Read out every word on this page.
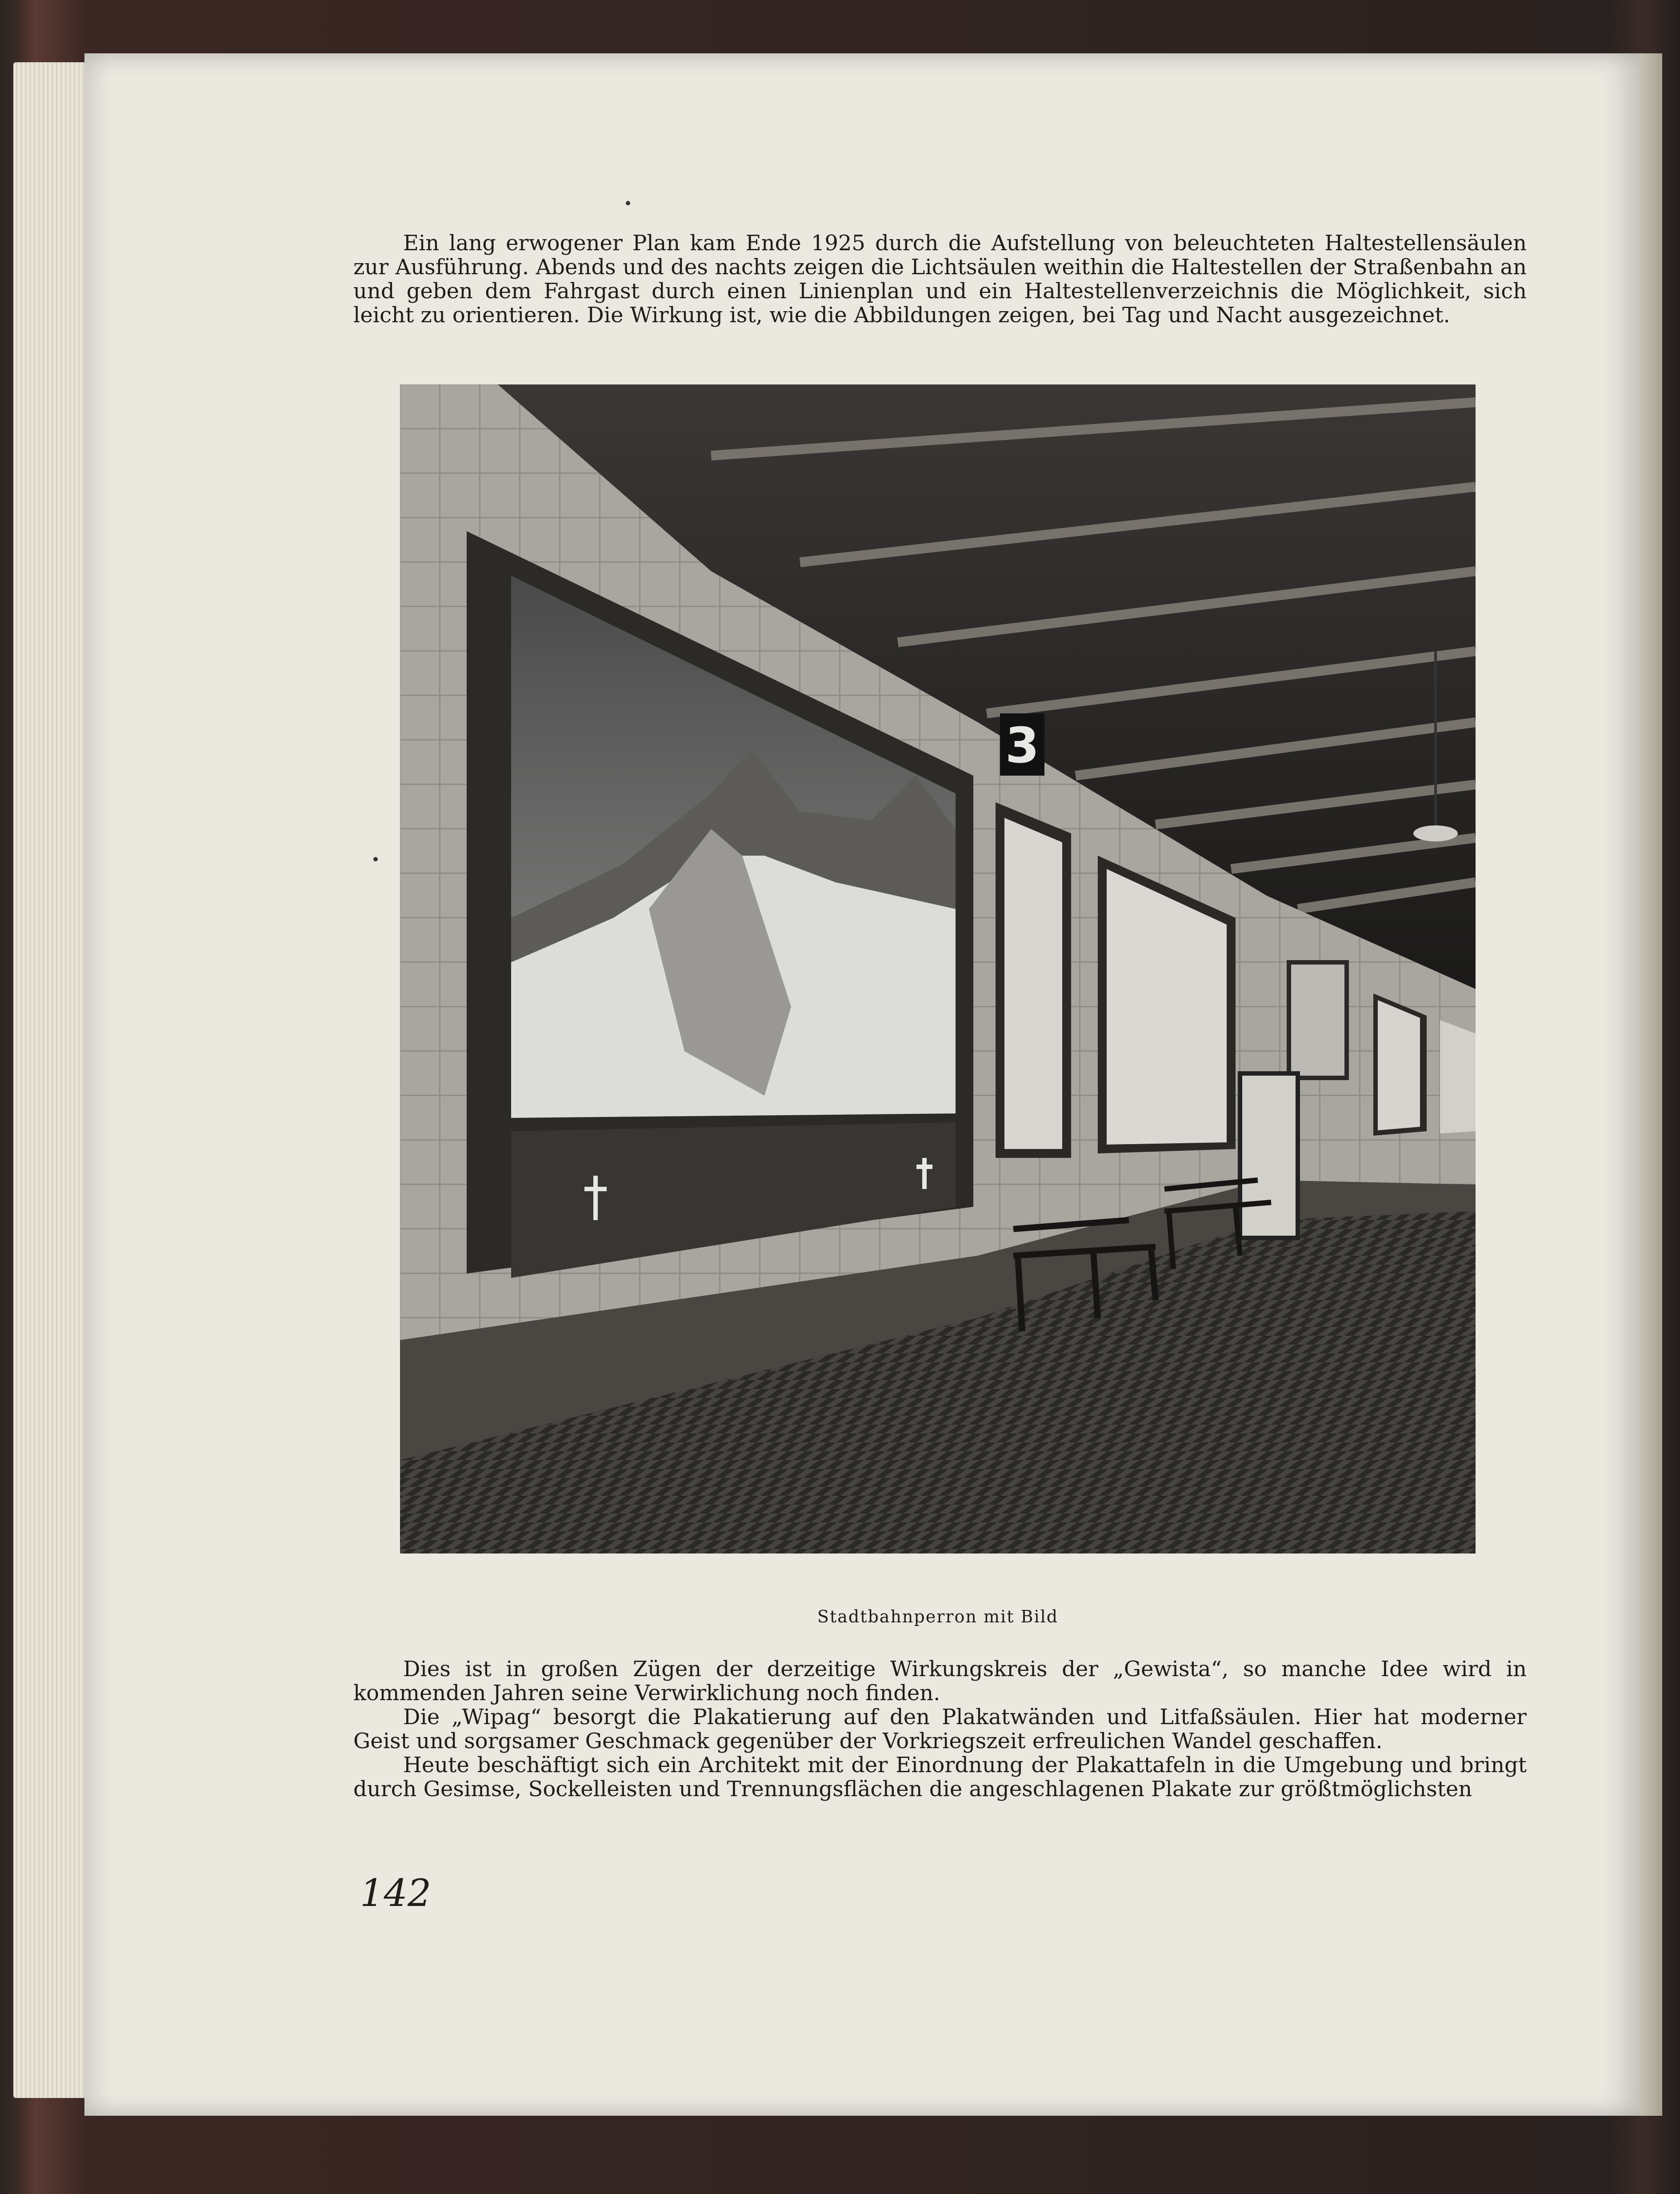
Ein lang erwogener Plan kam Ende 1925 durch die Aufstellung von beleuchteten Haltestellensäulen zur Ausführung. Abends und des nachts zeigen die Lichtsäulen weithin die Haltestellen der Straßenbahn an und geben dem Fahrgast durch einen Linienplan und ein Haltestellenverzeichnis die Möglichkeit, sich leicht zu orientieren. Die Wirkung ist, wie die Abbildungen zeigen, bei Tag und Nacht ausgezeichnet.
3
Stadtbahnperron mit Bild
Dies ist in großen Zügen der derzeitige Wirkungskreis der „Gewista“, so manche Idee wird in kommenden Jahren seine Verwirklichung noch finden.
Die „Wipag“ besorgt die Plakatierung auf den Plakatwänden und Litfaßsäulen. Hier hat moderner Geist und sorgsamer Geschmack gegenüber der Vorkriegszeit erfreulichen Wandel geschaffen.
Heute beschäftigt sich ein Architekt mit der Einordnung der Plakattafeln in die Umgebung und bringt durch Gesimse, Sockelleisten und Trennungsflächen die angeschlagenen Plakate zur größtmöglichsten
142
